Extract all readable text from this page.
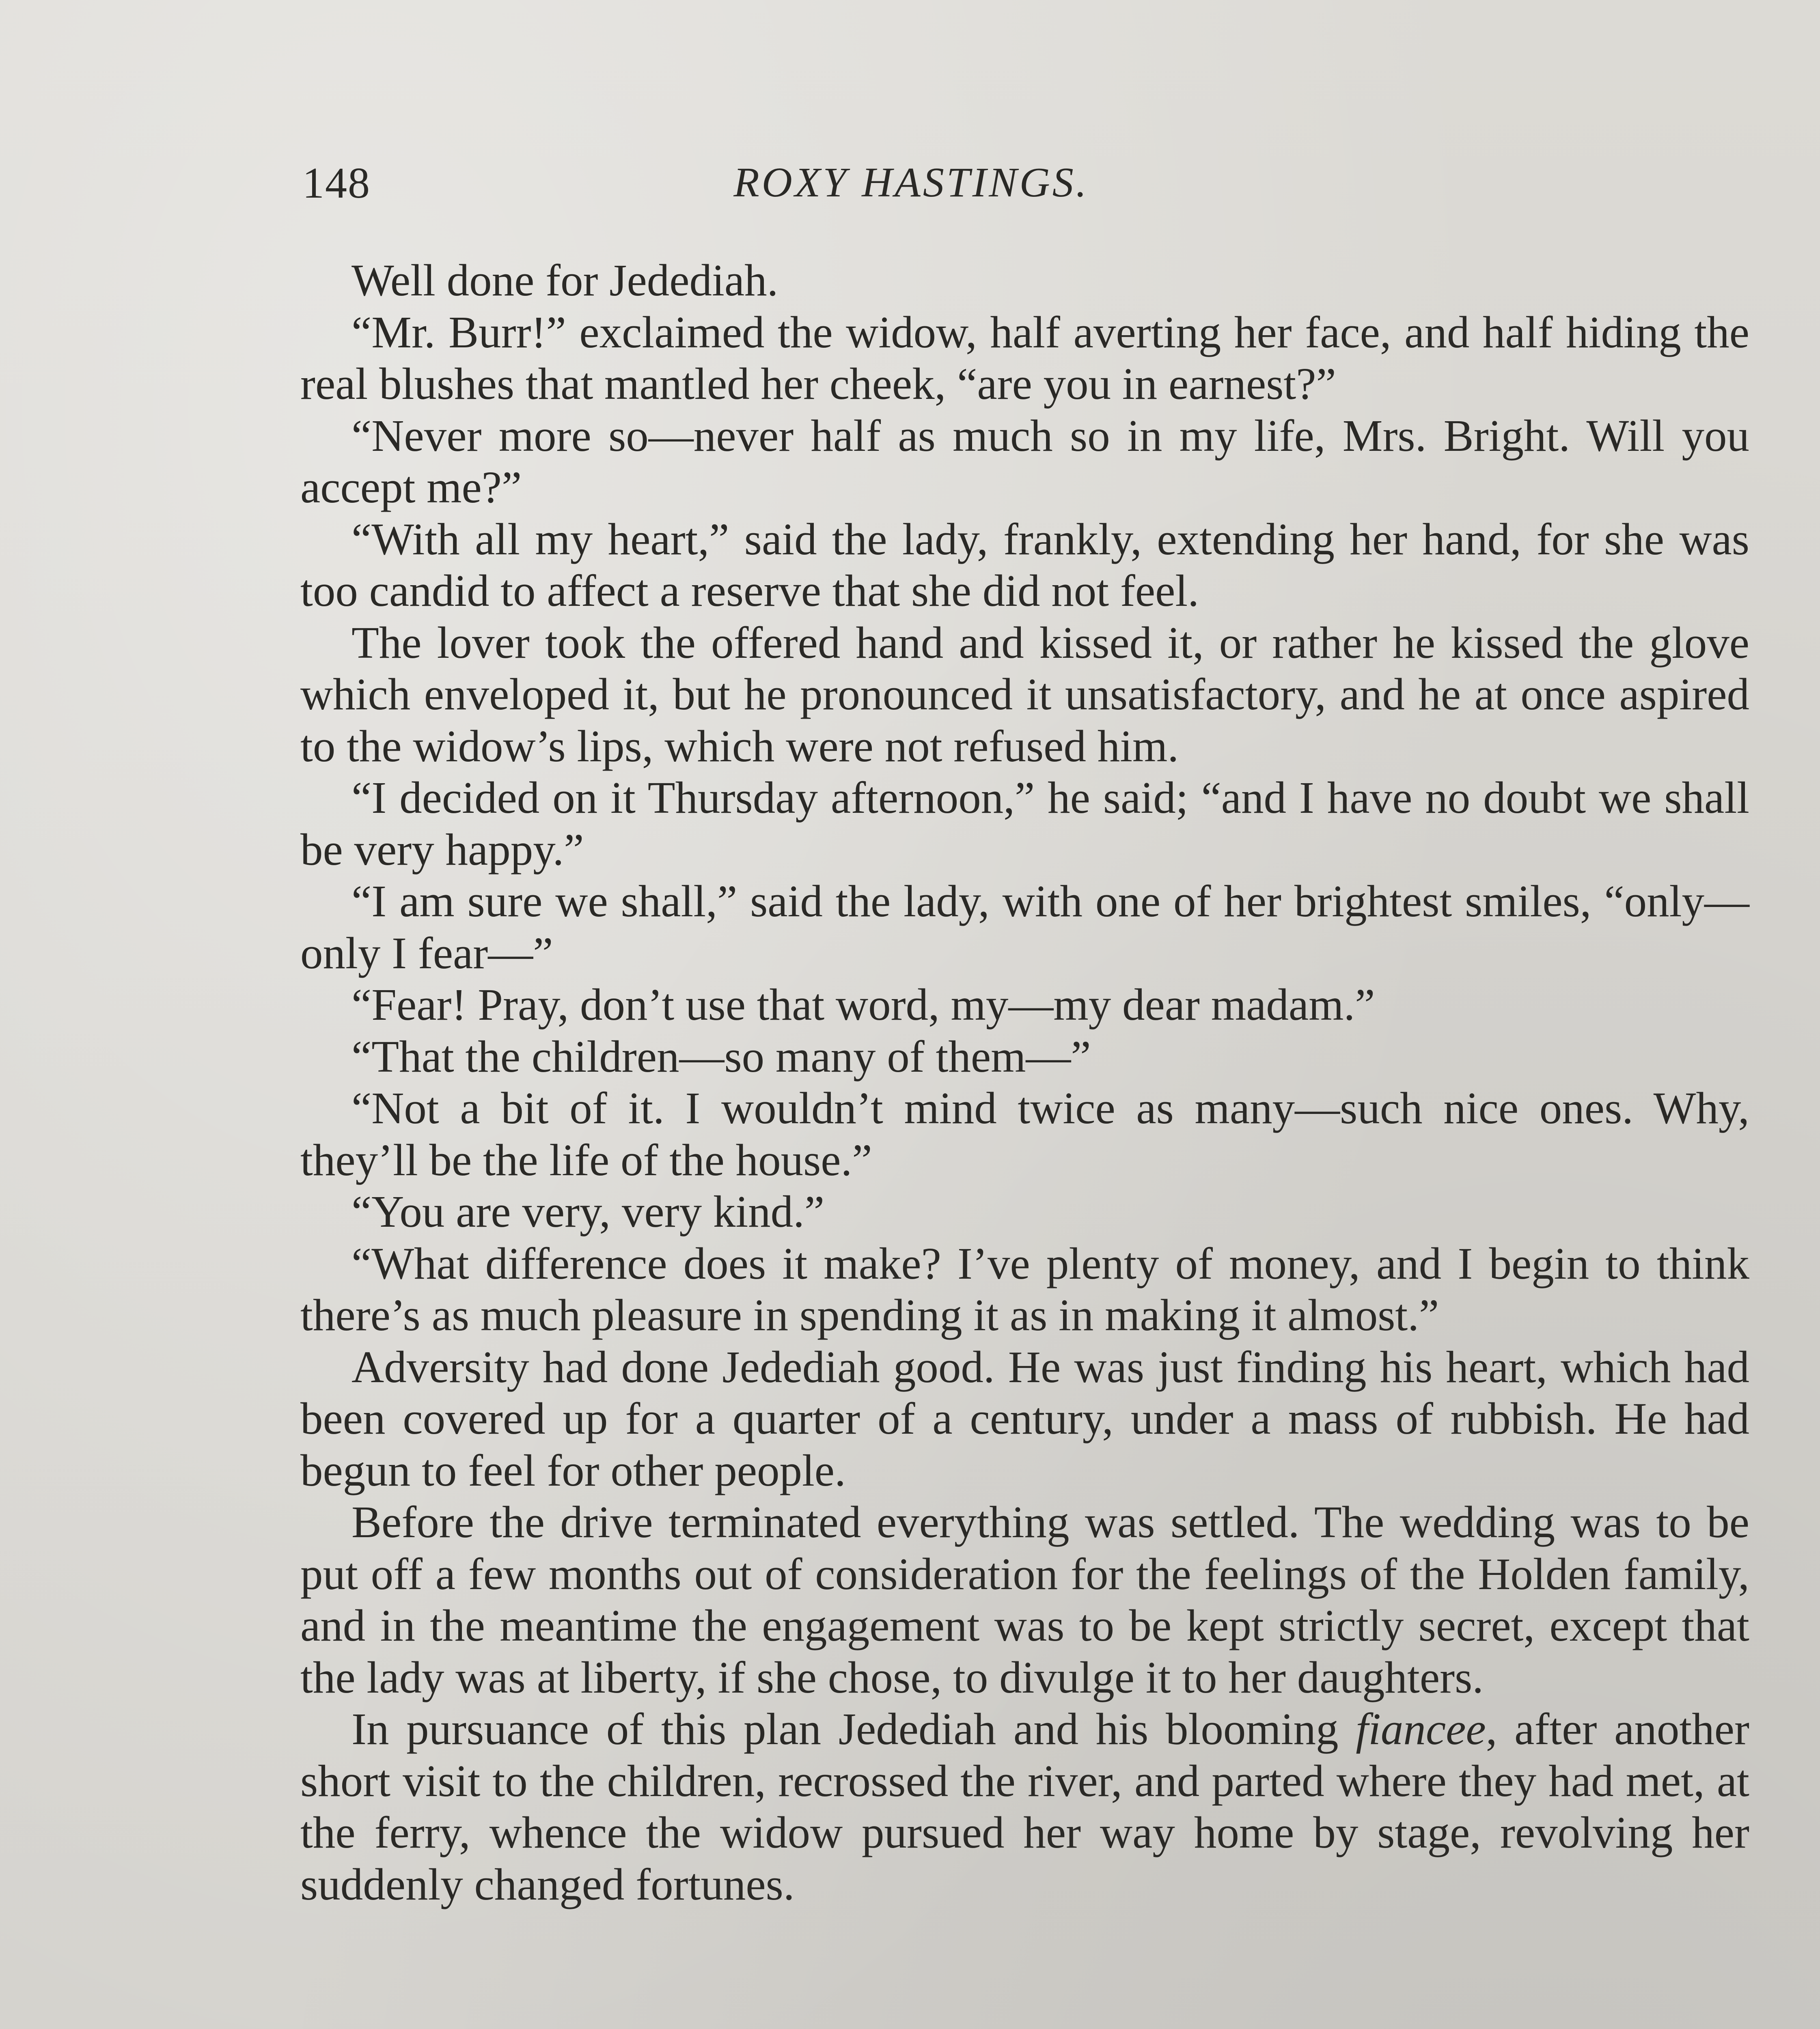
148	ROXY HASTINGS.

Well done for Jedediah.

“Mr. Burr!” exclaimed the widow, half averting her face, and half hiding the real blushes that mantled her cheek, “are you in earnest?”

“Never more so—never half as much so in my life, Mrs. Bright. Will you accept me?”

“With all my heart,” said the lady, frankly, extending her hand, for she was too candid to affect a reserve that she did not feel.

The lover took the offered hand and kissed it, or rather he kissed the glove which enveloped it, but he pronounced it unsatisfactory, and he at once aspired to the widow’s lips, which were not refused him.

“I decided on it Thursday afternoon,” he said; “and I have no doubt we shall be very happy.”

“I am sure we shall,” said the lady, with one of her brightest smiles, “only—only I fear—”

“Fear! Pray, don’t use that word, my—my dear madam.”

“That the children—so many of them—”

“Not a bit of it. I wouldn’t mind twice as many—such nice ones. Why, they’ll be the life of the house.”

“You are very, very kind.”

“What difference does it make? I’ve plenty of money, and I begin to think there’s as much pleasure in spending it as in making it almost.”

Adversity had done Jedediah good. He was just finding his heart, which had been covered up for a quarter of a century, under a mass of rubbish. He had begun to feel for other people.

Before the drive terminated everything was settled. The wedding was to be put off a few months out of consideration for the feelings of the Holden family, and in the meantime the engagement was to be kept strictly secret, except that the lady was at liberty, if she chose, to divulge it to her daughters.

In pursuance of this plan Jedediah and his blooming fiancee, after another short visit to the children, recrossed the river, and parted where they had met, at the ferry, whence the widow pursued her way home by stage, revolving her suddenly changed fortunes.
